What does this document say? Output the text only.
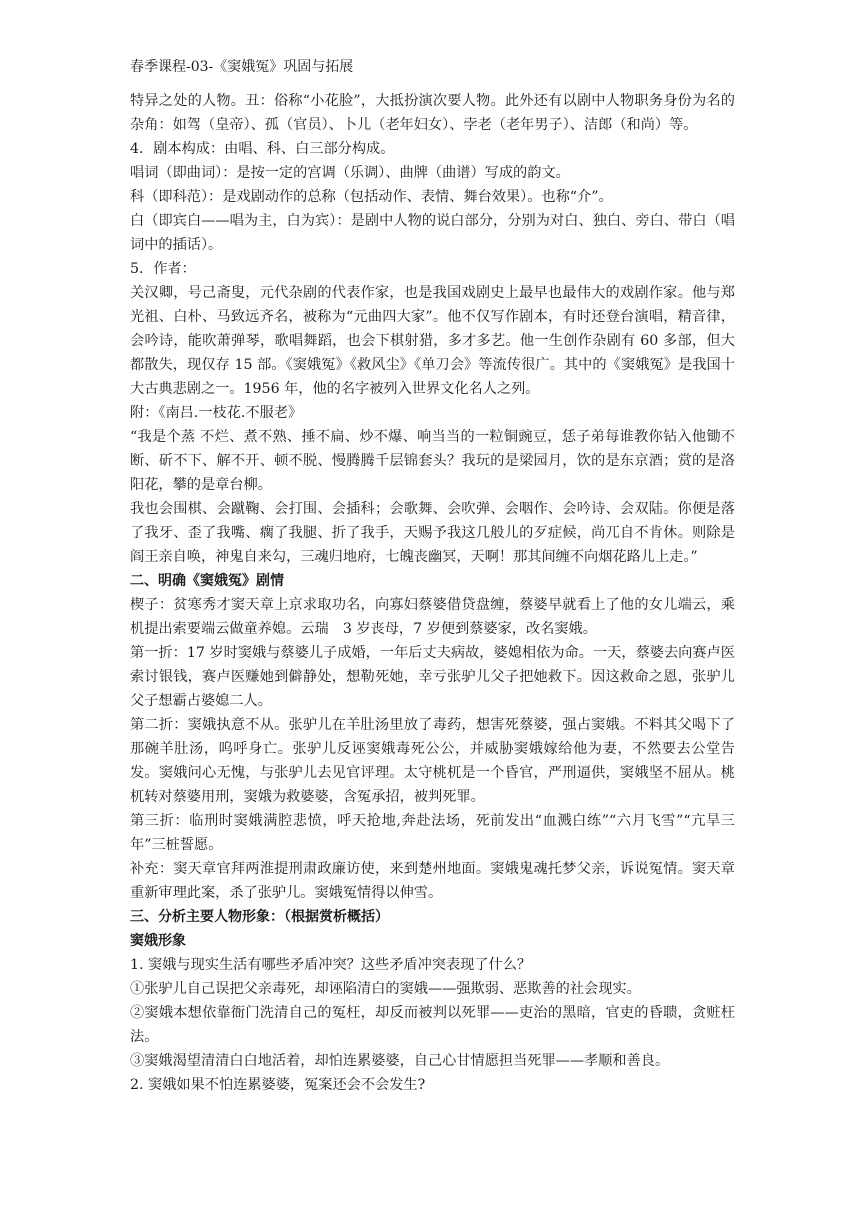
春季课程-03-《窦娥冤》巩固与拓展

特异之处的人物。丑：俗称“小花脸”，大抵扮演次要人物。此外还有以剧中人物职务身份为名的杂角：如驾（皇帝）、孤（官员）、卜儿（老年妇女）、孛老（老年男子）、洁郎（和尚）等。

4．剧本构成：由唱、科、白三部分构成。

唱词（即曲词）：是按一定的宫调（乐调）、曲牌（曲谱）写成的韵文。

科（即科范）：是戏剧动作的总称（包括动作、表情、舞台效果）。也称“介”。

白（即宾白——唱为主，白为宾）：是剧中人物的说白部分，分别为对白、独白、旁白、带白（唱词中的插话）。

5．作者：

关汉卿，号己斋叟，元代杂剧的代表作家，也是我国戏剧史上最早也最伟大的戏剧作家。他与郑光祖、白朴、马致远齐名，被称为“元曲四大家”。他不仅写作剧本，有时还登台演唱，精音律，会吟诗，能吹萧弹琴，歌唱舞蹈，也会下棋射猎，多才多艺。他一生创作杂剧有 60 多部，但大都散失，现仅存 15 部。《窦娥冤》《救风尘》《单刀会》等流传很广。其中的《窦娥冤》是我国十大古典悲剧之一。1956 年，他的名字被列入世界文化名人之列。

附：《南吕.一枝花.不服老》

“我是个蒸 不烂、煮不熟、捶不扁、炒不爆、响当当的一粒铜豌豆，恁子弟每谁教你钻入他锄不断、斫不下、解不开、顿不脱、慢腾腾千层锦套头？我玩的是梁园月，饮的是东京酒；赏的是洛阳花，攀的是章台柳。

我也会围棋、会蹴鞠、会打围、会插科；会歌舞、会吹弹、会咽作、会吟诗、会双陆。你便是落了我牙、歪了我嘴、瘸了我腿、折了我手，天赐予我这几般儿的歹症候，尚兀自不肯休。则除是阎王亲自唤，神鬼自来勾，三魂归地府，七魄丧幽冥，天啊！那其间缠不向烟花路儿上走。”

二、明确《窦娥冤》剧情

楔子：贫寒秀才窦天章上京求取功名，向寡妇蔡婆借贷盘缠，蔡婆早就看上了他的女儿端云，乘机提出索要端云做童养媳。云瑞　3 岁丧母，7 岁便到蔡婆家，改名窦娥。

第一折：17 岁时窦娥与蔡婆儿子成婚，一年后丈夫病故，婆媳相依为命。一天，蔡婆去向赛卢医索讨银钱，赛卢医赚她到僻静处，想勒死她，幸亏张驴儿父子把她救下。因这救命之恩，张驴儿父子想霸占婆媳二人。

第二折：窦娥执意不从。张驴儿在羊肚汤里放了毒药，想害死蔡婆，强占窦娥。不料其父喝下了那碗羊肚汤，呜呼身亡。张驴儿反诬窦娥毒死公公，并威胁窦娥嫁给他为妻，不然要去公堂告发。窦娥问心无愧，与张驴儿去见官评理。太守桃杌是一个昏官，严刑逼供，窦娥坚不屈从。桃杌转对蔡婆用刑，窦娥为救婆婆，含冤承招，被判死罪。

第三折：临刑时窦娥满腔悲愤，呼天抢地,奔赴法场，死前发出“血溅白练”“六月飞雪”“亢旱三年”三桩誓愿。

补充：窦天章官拜两淮提刑肃政廉访使，来到楚州地面。窦娥鬼魂托梦父亲，诉说冤情。窦天章重新审理此案，杀了张驴儿。窦娥冤情得以伸雪。

三、分析主要人物形象：（根据赏析概括）

窦娥形象

1. 窦娥与现实生活有哪些矛盾冲突？这些矛盾冲突表现了什么？

①张驴儿自己误把父亲毒死，却诬陷清白的窦娥——强欺弱、恶欺善的社会现实。

②窦娥本想依靠衙门洗清自己的冤枉，却反而被判以死罪——吏治的黑暗，官吏的昏聩，贪赃枉法。

③窦娥渴望清清白白地活着，却怕连累婆婆，自己心甘情愿担当死罪——孝顺和善良。

2. 窦娥如果不怕连累婆婆，冤案还会不会发生?
